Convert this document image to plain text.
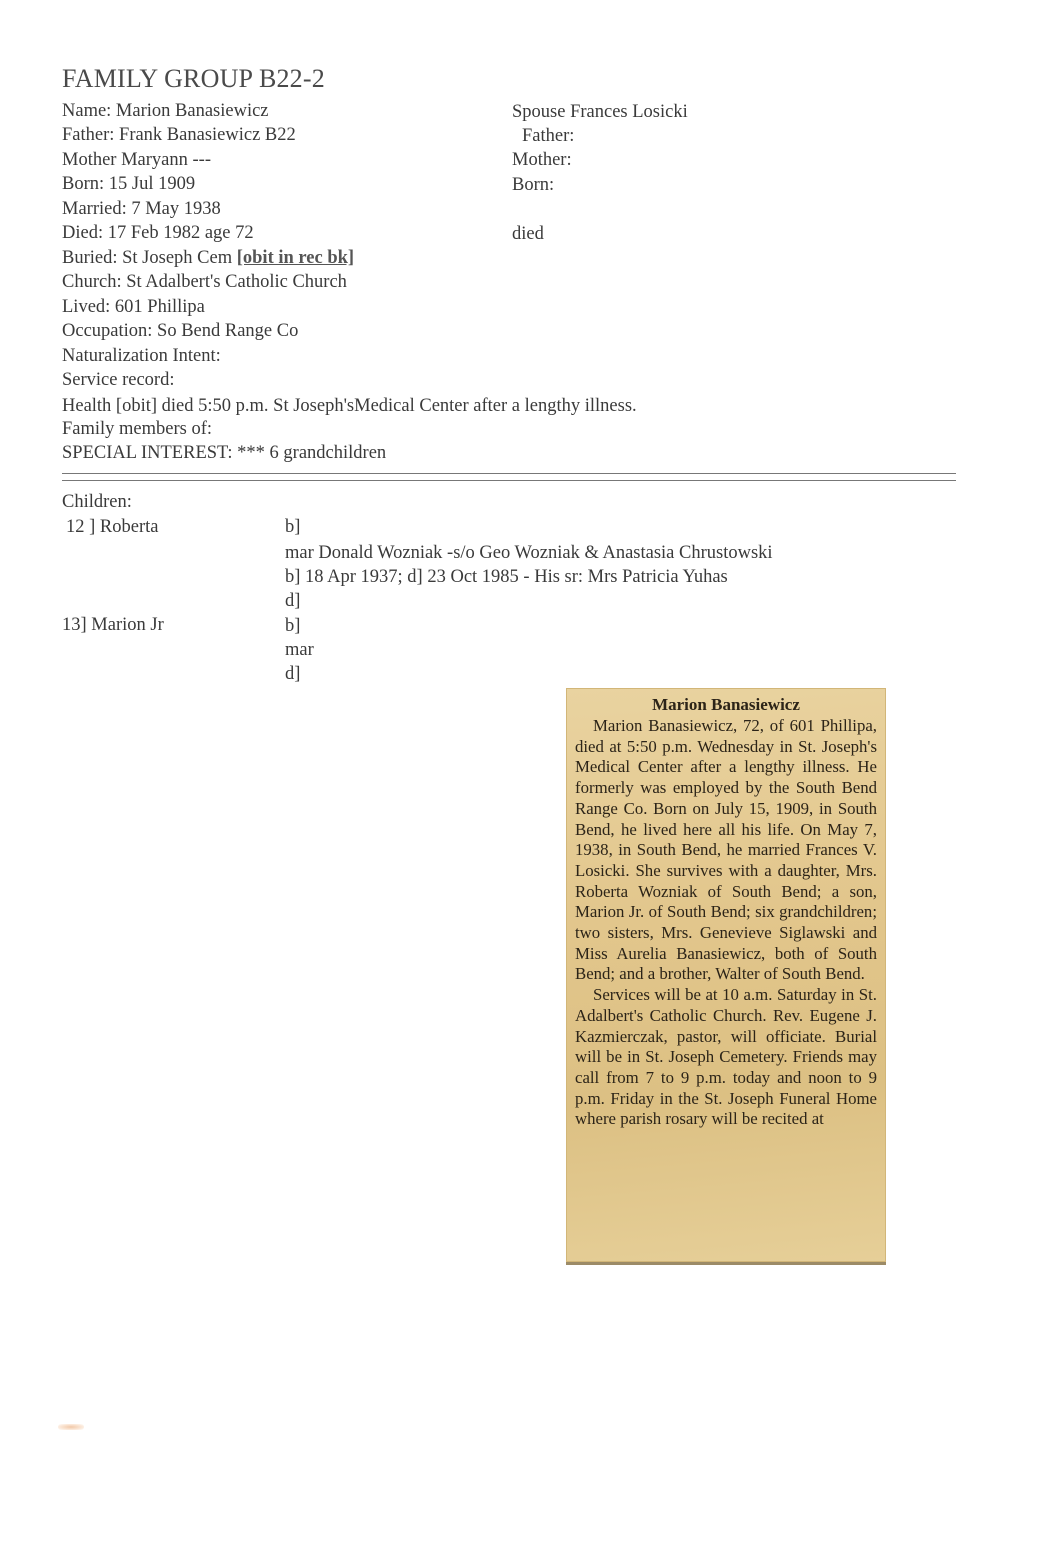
FAMILY GROUP B22-2
Name: Marion Banasiewicz
Father: Frank Banasiewicz B22
Mother Maryann ---
Born: 15 Jul 1909
Married: 7 May 1938
Died: 17 Feb 1982 age 72
Buried: St Joseph Cem [obit in rec bk]
Church: St Adalbert's Catholic Church
Lived: 601 Phillipa
Occupation: So Bend Range Co
Naturalization Intent:
Service record:
Health [obit] died 5:50 p.m. St Joseph'sMedical Center after a lengthy illness.
Family members of:
SPECIAL INTEREST: *** 6 grandchildren
Spouse Frances Losicki
Father:
Mother:
Born:
died
Children:
12 ] Roberta	b]
mar Donald Wozniak -s/o Geo Wozniak & Anastasia Chrustowski
b] 18 Apr 1937; d] 23 Oct 1985 - His sr: Mrs Patricia Yuhas
d]
13] Marion Jr	b]
mar
d]
Marion Banasiewicz

Marion Banasiewicz, 72, of 601 Phillipa, died at 5:50 p.m. Wednesday in St. Joseph's Medical Center after a lengthy illness. He formerly was employed by the South Bend Range Co. Born on July 15, 1909, in South Bend, he lived here all his life. On May 7, 1938, in South Bend, he married Frances V. Losicki. She survives with a daughter, Mrs. Roberta Wozniak of South Bend; a son, Marion Jr. of South Bend; six grandchildren; two sisters, Mrs. Genevieve Siglawski and Miss Aurelia Banasiewicz, both of South Bend; and a brother, Walter of South Bend.

Services will be at 10 a.m. Saturday in St. Adalbert's Catholic Church. Rev. Eugene J. Kazmierczak, pastor, will officiate. Burial will be in St. Joseph Cemetery. Friends may call from 7 to 9 p.m. today and noon to 9 p.m. Friday in the St. Joseph Funeral Home where parish rosary will be recited at
